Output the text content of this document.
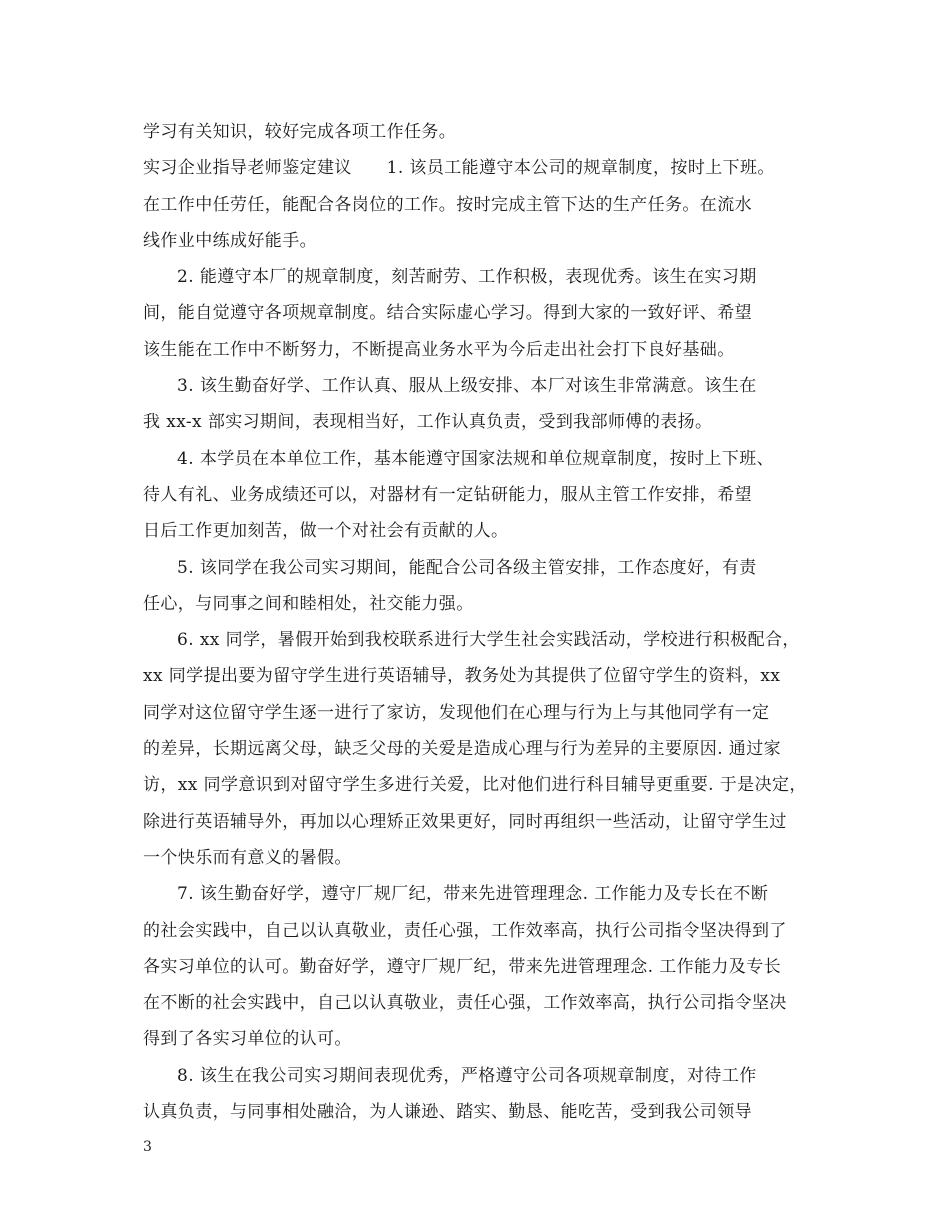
学习有关知识，较好完成各项工作任务。
实习企业指导老师鉴定建议　　1. 该员工能遵守本公司的规章制度，按时上下班。
在工作中任劳任，能配合各岗位的工作。按时完成主管下达的生产任务。在流水
线作业中练成好能手。
2. 能遵守本厂的规章制度，刻苦耐劳、工作积极，表现优秀。该生在实习期
间，能自觉遵守各项规章制度。结合实际虚心学习。得到大家的一致好评、希望
该生能在工作中不断努力，不断提高业务水平为今后走出社会打下良好基础。
3. 该生勤奋好学、工作认真、服从上级安排、本厂对该生非常满意。该生在
我 xx-x 部实习期间，表现相当好，工作认真负责，受到我部师傅的表扬。
4. 本学员在本单位工作，基本能遵守国家法规和单位规章制度，按时上下班、
待人有礼、业务成绩还可以，对器材有一定钻研能力，服从主管工作安排，希望
日后工作更加刻苦，做一个对社会有贡献的人。
5. 该同学在我公司实习期间，能配合公司各级主管安排，工作态度好，有责
任心，与同事之间和睦相处，社交能力强。
6. xx 同学，暑假开始到我校联系进行大学生社会实践活动，学校进行积极配合，
xx 同学提出要为留守学生进行英语辅导，教务处为其提供了位留守学生的资料，xx
同学对这位留守学生逐一进行了家访，发现他们在心理与行为上与其他同学有一定
的差异，长期远离父母，缺乏父母的关爱是造成心理与行为差异的主要原因. 通过家
访，xx 同学意识到对留守学生多进行关爱，比对他们进行科目辅导更重要. 于是决定，
除进行英语辅导外，再加以心理矫正效果更好，同时再组织一些活动，让留守学生过
一个快乐而有意义的暑假。
7. 该生勤奋好学，遵守厂规厂纪，带来先进管理理念. 工作能力及专长在不断
的社会实践中，自己以认真敬业，责任心强，工作效率高，执行公司指令坚决得到了
各实习单位的认可。勤奋好学，遵守厂规厂纪，带来先进管理理念. 工作能力及专长
在不断的社会实践中，自己以认真敬业，责任心强，工作效率高，执行公司指令坚决
得到了各实习单位的认可。
8. 该生在我公司实习期间表现优秀，严格遵守公司各项规章制度，对待工作
认真负责，与同事相处融洽，为人谦逊、踏实、勤恳、能吃苦，受到我公司领导
3
